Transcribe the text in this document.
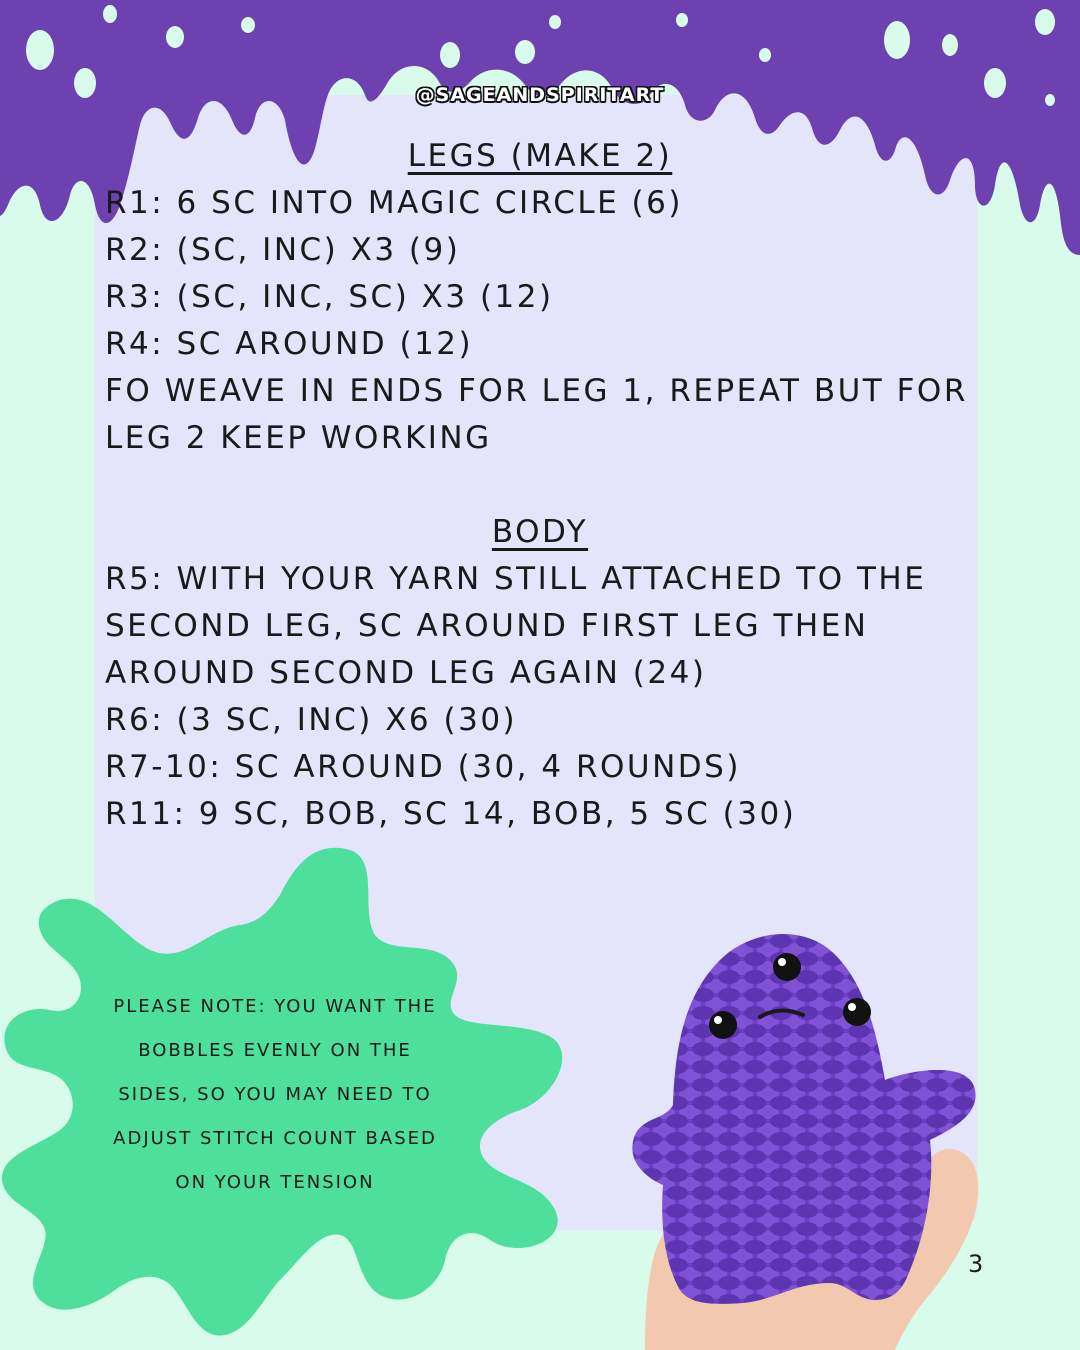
@SAGEANDSPIRITART
LEGS (MAKE 2)

R1: 6 SC INTO MAGIC CIRCLE (6)

R2: (SC, INC) X3 (9)

R3: (SC, INC, SC) X3 (12)

R4: SC AROUND (12)

FO WEAVE IN ENDS FOR LEG 1, REPEAT BUT FOR

LEG 2 KEEP WORKING

BODY

R5: WITH YOUR YARN STILL ATTACHED TO THE

SECOND LEG, SC AROUND FIRST LEG THEN

AROUND SECOND LEG AGAIN (24)

R6: (3 SC, INC) X6 (30)

R7-10: SC AROUND (30, 4 ROUNDS)

R11: 9 SC, BOB, SC 14, BOB, 5 SC (30)

PLEASE NOTE: YOU WANT THE
BOBBLES EVENLY ON THE
SIDES, SO YOU MAY NEED TO
ADJUST STITCH COUNT BASED
ON YOUR TENSION
3
